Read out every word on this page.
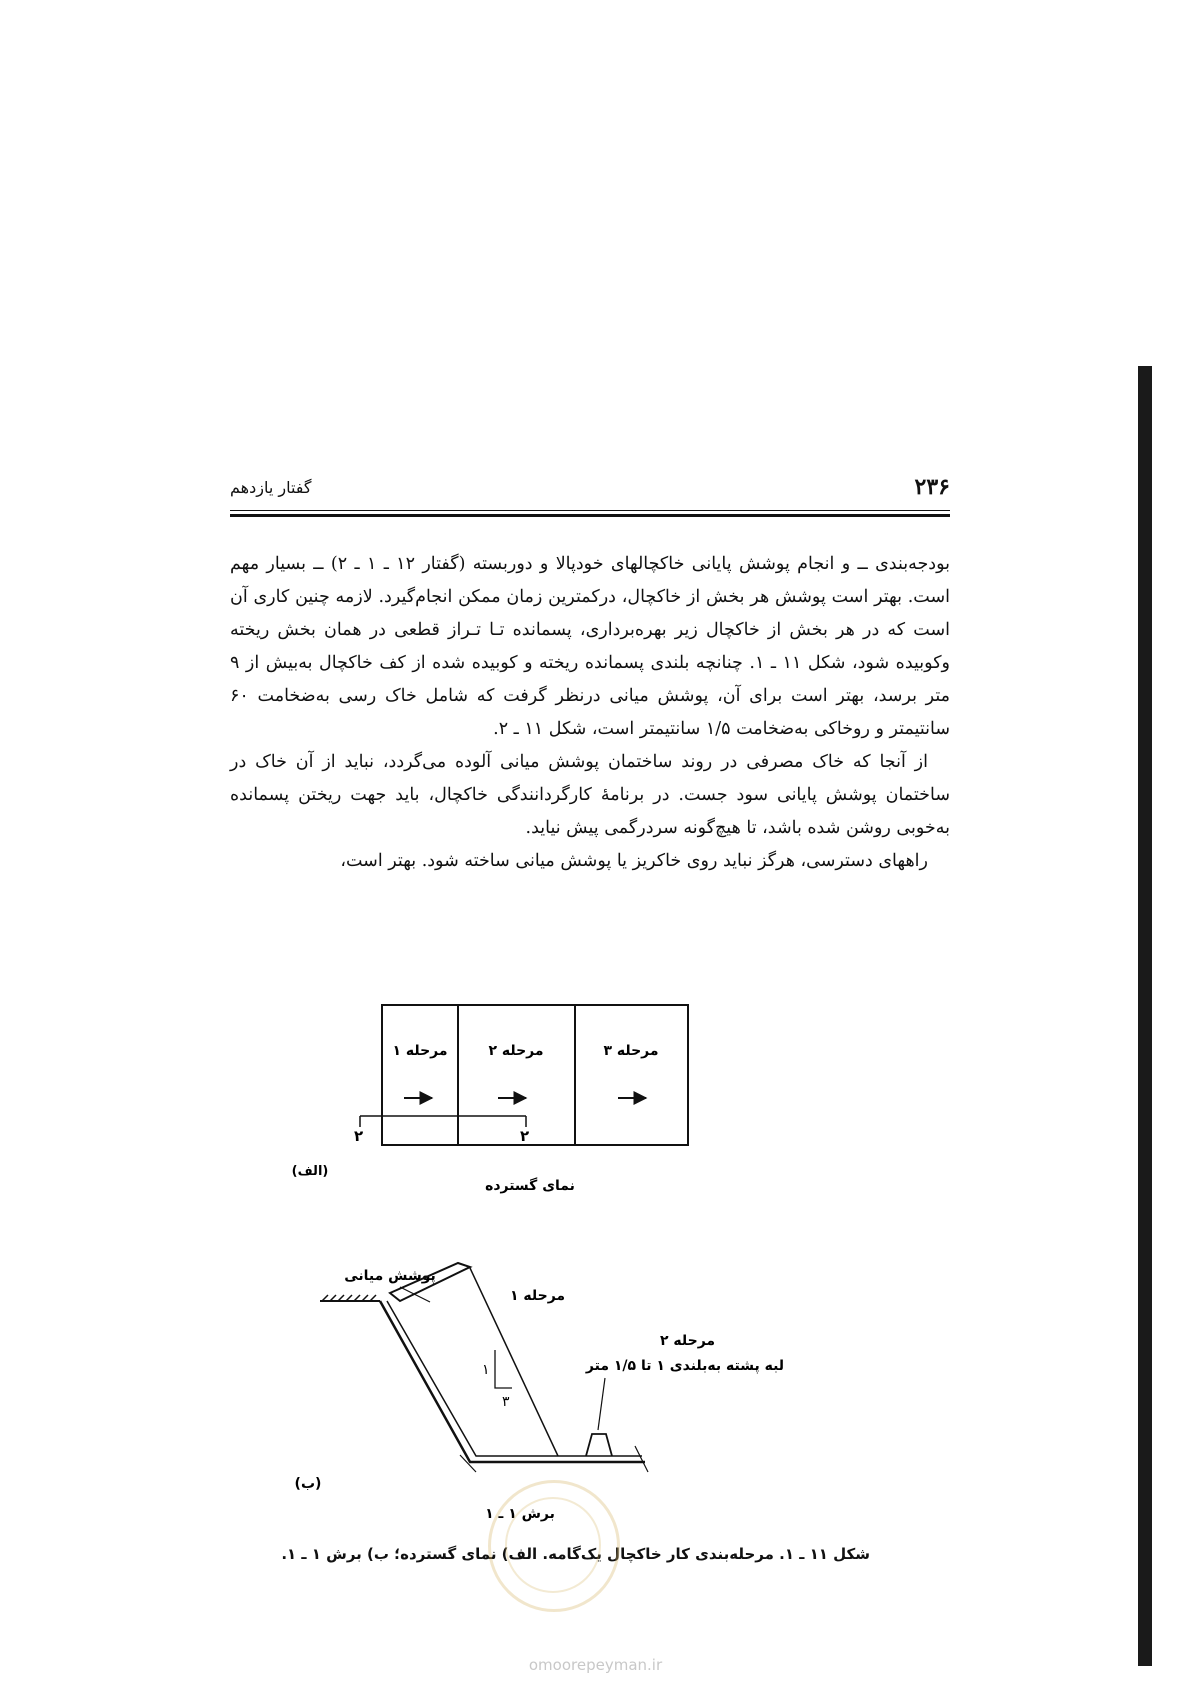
گفتار یازدهم	۲۳۶

بودجه‌بندی ــ و انجام پوشش پایانی خاکچالهای خودپالا و دوربسته (گفتار ۱۲ ـ ۱ ـ ۲) ــ بسیار مهم است. بهتر است پوشش هر بخش از خاکچال، درکمترین زمان ممکن انجام‌گیرد. لازمه چنین کاری آن است که در هر بخش از خاکچال زیر بهره‌برداری، پسمانده تـا تـراز قطعی در همان بخش ریخته وکوبیده شود، شکل ۱۱ ـ ۱. چنانچه بلندی پسمانده ریخته و کوبیده شده از کف خاکچال به‌بیش از ۹ متر برسد، بهتر است برای آن، پوشش میانی درنظر گرفت که شامل خاک رسی به‌ضخامت ۶۰ سانتیمتر و روخاکی به‌ضخامت ۱/۵ سانتیمتر است، شکل ۱۱ ـ ۲.

از آنجا که خاک مصرفی در روند ساختمان پوشش میانی آلوده می‌گردد، نباید از آن خاک در ساختمان پوشش پایانی سود جست. در برنامهٔ کارگردانندگی خاکچال، باید جهت ریختن پسمانده به‌خوبی روشن شده باشد، تا هیچ‌گونه سردرگمی پیش نیاید.

راههای دسترسی، هرگز نباید روی خاکریز یا پوشش میانی ساخته شود. بهتر است،

مرحله ۱	مرحله ۲	مرحله ۳
۲	۲
(الف)
نمای گسترده
پوشش میانی
مرحله ۱
۱
۳
مرحله ۲
لبه پشته به‌بلندی ۱ تا ۱/۵ متر
(ب)
برش ۱ ـ ۱
شکل ۱۱ ـ ۱. مرحله‌بندی کار خاکچال یک‌گامه. الف) نمای گسترده؛ ب) برش ۱ ـ ۱.
omoorepeyman.ir
